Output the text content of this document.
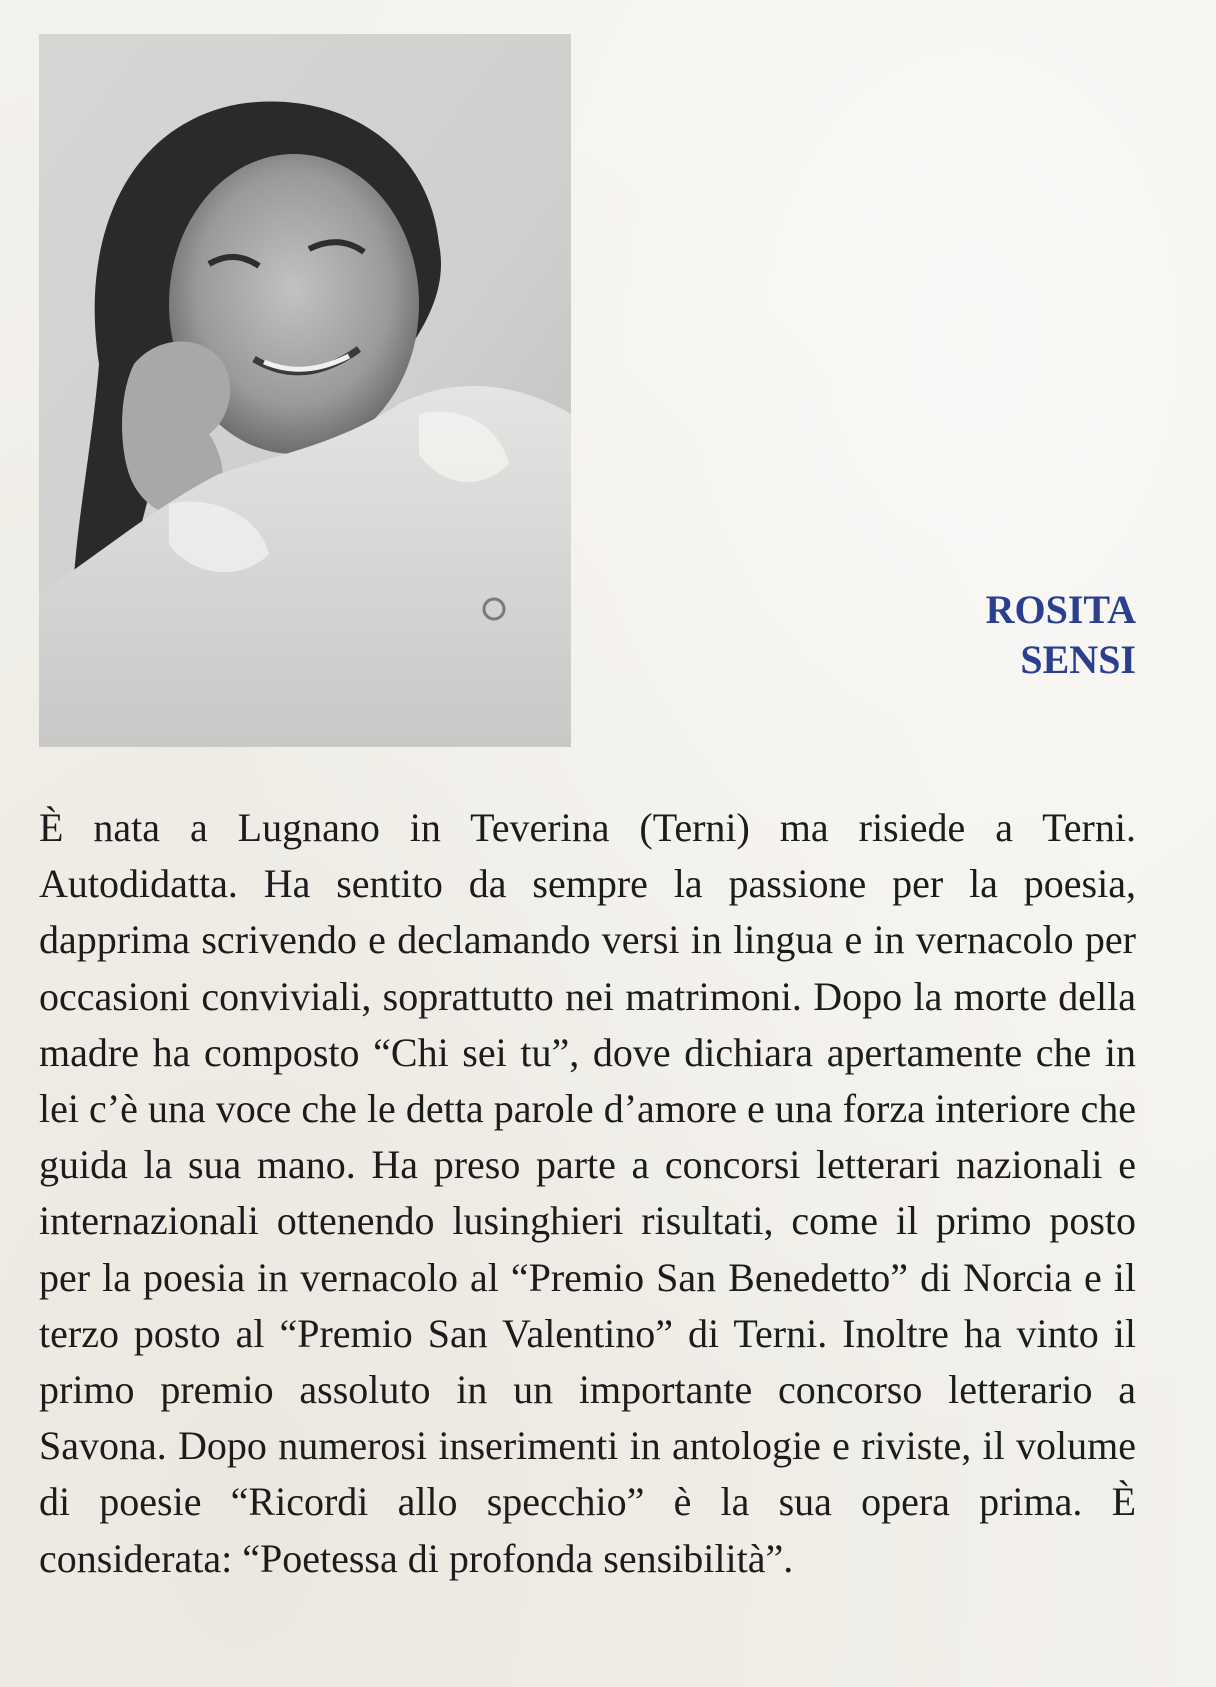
ROSITA
SENSI

È nata a Lugnano in Teverina (Terni) ma risiede a Terni. Autodidatta. Ha sentito da sempre la passione per la poesia, dapprima scrivendo e declamando versi in lingua e in vernacolo per occasioni conviviali, soprattutto nei matrimoni. Dopo la morte della madre ha composto “Chi sei tu”, dove dichiara apertamente che in lei c’è una voce che le detta parole d’amore e una forza interiore che guida la sua mano. Ha preso parte a concorsi letterari nazionali e internazionali ottenendo lusinghieri risultati, come il primo posto per la poesia in vernacolo al “Premio San Benedetto” di Norcia e il terzo posto al “Premio San Valentino” di Terni. Inoltre ha vinto il primo premio assoluto in un importante concorso letterario a Savona. Dopo numerosi inserimenti in antologie e riviste, il volume di poesie “Ricordi allo specchio” è la sua opera prima. È considerata: “Poetessa di profonda sensibilità”.
